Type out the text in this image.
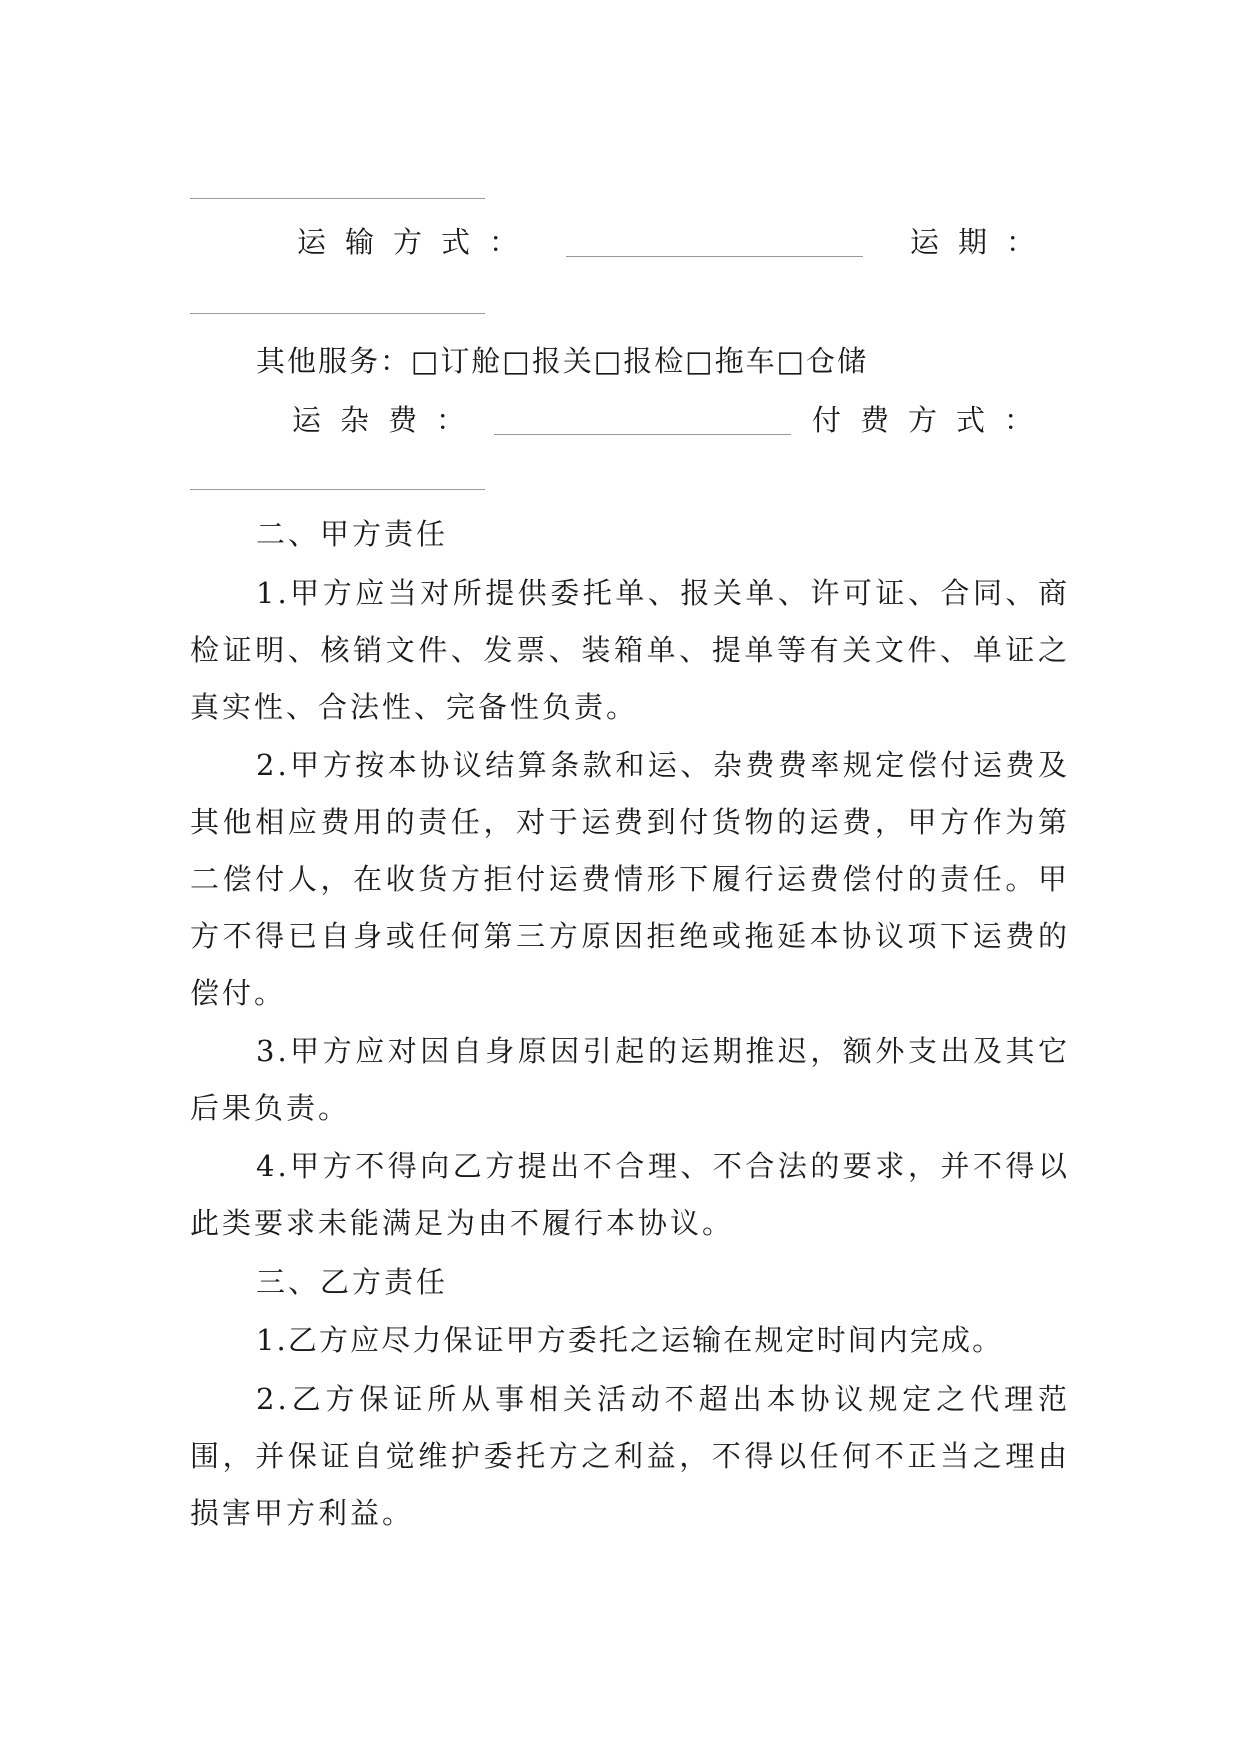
运输方式：	运期：
其他服务：□订舱□报关□报检□拖车□仓储
运杂费：	付费方式：
二、甲方责任
1.甲方应当对所提供委托单、报关单、许可证、合同、商检证明、核销文件、发票、装箱单、提单等有关文件、单证之真实性、合法性、完备性负责。
2.甲方按本协议结算条款和运、杂费费率规定偿付运费及其他相应费用的责任，对于运费到付货物的运费，甲方作为第二偿付人，在收货方拒付运费情形下履行运费偿付的责任。甲方不得已自身或任何第三方原因拒绝或拖延本协议项下运费的偿付。
3.甲方应对因自身原因引起的运期推迟，额外支出及其它后果负责。
4.甲方不得向乙方提出不合理、不合法的要求，并不得以此类要求未能满足为由不履行本协议。
三、乙方责任
1.乙方应尽力保证甲方委托之运输在规定时间内完成。
2.乙方保证所从事相关活动不超出本协议规定之代理范围，并保证自觉维护委托方之利益，不得以任何不正当之理由损害甲方利益。
